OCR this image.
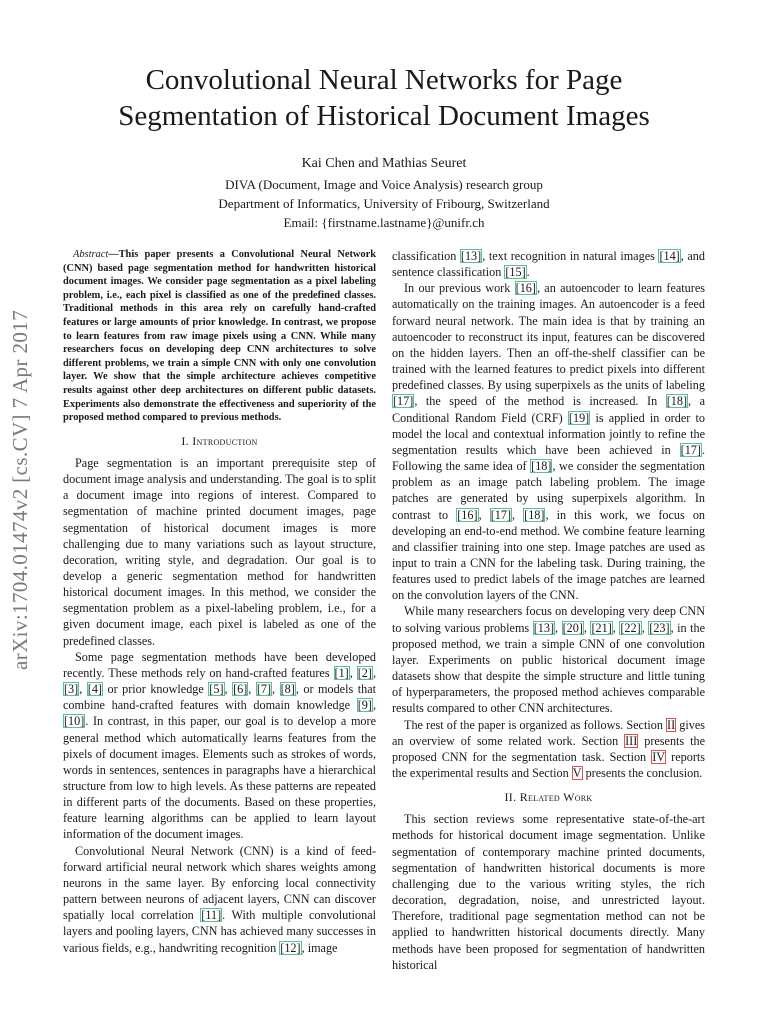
arXiv:1704.01474v2 [cs.CV] 7 Apr 2017
Convolutional Neural Networks for Page Segmentation of Historical Document Images
Kai Chen and Mathias Seuret
DIVA (Document, Image and Voice Analysis) research group
Department of Informatics, University of Fribourg, Switzerland
Email: {firstname.lastname}@unifr.ch

Abstract—This paper presents a Convolutional Neural Network (CNN) based page segmentation method for handwritten historical document images. We consider page segmentation as a pixel labeling problem, i.e., each pixel is classified as one of the predefined classes. Traditional methods in this area rely on carefully hand-crafted features or large amounts of prior knowledge. In contrast, we propose to learn features from raw image pixels using a CNN. While many researchers focus on developing deep CNN architectures to solve different problems, we train a simple CNN with only one convolution layer. We show that the simple architecture achieves competitive results against other deep architectures on different public datasets. Experiments also demonstrate the effectiveness and superiority of the proposed method compared to previous methods.

I. Introduction

Page segmentation is an important prerequisite step of document image analysis and understanding. The goal is to split a document image into regions of interest. Compared to segmentation of machine printed document images, page segmentation of historical document images is more challenging due to many variations such as layout structure, decoration, writing style, and degradation. Our goal is to develop a generic segmentation method for handwritten historical document images. In this method, we consider the segmentation problem as a pixel-labeling problem, i.e., for a given document image, each pixel is labeled as one of the predefined classes.

Some page segmentation methods have been developed recently. These methods rely on hand-crafted features [1], [2], [3], [4] or prior knowledge [5], [6], [7], [8], or models that combine hand-crafted features with domain knowledge [9], [10]. In contrast, in this paper, our goal is to develop a more general method which automatically learns features from the pixels of document images. Elements such as strokes of words, words in sentences, sentences in paragraphs have a hierarchical structure from low to high levels. As these patterns are repeated in different parts of the documents. Based on these properties, feature learning algorithms can be applied to learn layout information of the document images.

Convolutional Neural Network (CNN) is a kind of feed-forward artificial neural network which shares weights among neurons in the same layer. By enforcing local connectivity pattern between neurons of adjacent layers, CNN can discover spatially local correlation [11]. With multiple convolutional layers and pooling layers, CNN has achieved many successes in various fields, e.g., handwriting recognition [12], image

classification [13], text recognition in natural images [14], and sentence classification [15].

In our previous work [16], an autoencoder to learn features automatically on the training images. An autoencoder is a feed forward neural network. The main idea is that by training an autoencoder to reconstruct its input, features can be discovered on the hidden layers. Then an off-the-shelf classifier can be trained with the learned features to predict pixels into different predefined classes. By using superpixels as the units of labeling [17], the speed of the method is increased. In [18], a Conditional Random Field (CRF) [19] is applied in order to model the local and contextual information jointly to refine the segmentation results which have been achieved in [17]. Following the same idea of [18], we consider the segmentation problem as an image patch labeling problem. The image patches are generated by using superpixels algorithm. In contrast to [16], [17], [18], in this work, we focus on developing an end-to-end method. We combine feature learning and classifier training into one step. Image patches are used as input to train a CNN for the labeling task. During training, the features used to predict labels of the image patches are learned on the convolution layers of the CNN.

While many researchers focus on developing very deep CNN to solving various problems [13], [20], [21], [22], [23], in the proposed method, we train a simple CNN of one convolution layer. Experiments on public historical document image datasets show that despite the simple structure and little tuning of hyperparameters, the proposed method achieves comparable results compared to other CNN architectures.

The rest of the paper is organized as follows. Section II gives an overview of some related work. Section III presents the proposed CNN for the segmentation task. Section IV reports the experimental results and Section V presents the conclusion.

II. Related Work

This section reviews some representative state-of-the-art methods for historical document image segmentation. Unlike segmentation of contemporary machine printed documents, segmentation of handwritten historical documents is more challenging due to the various writing styles, the rich decoration, degradation, noise, and unrestricted layout. Therefore, traditional page segmentation method can not be applied to handwritten historical documents directly. Many methods have been proposed for segmentation of handwritten historical
